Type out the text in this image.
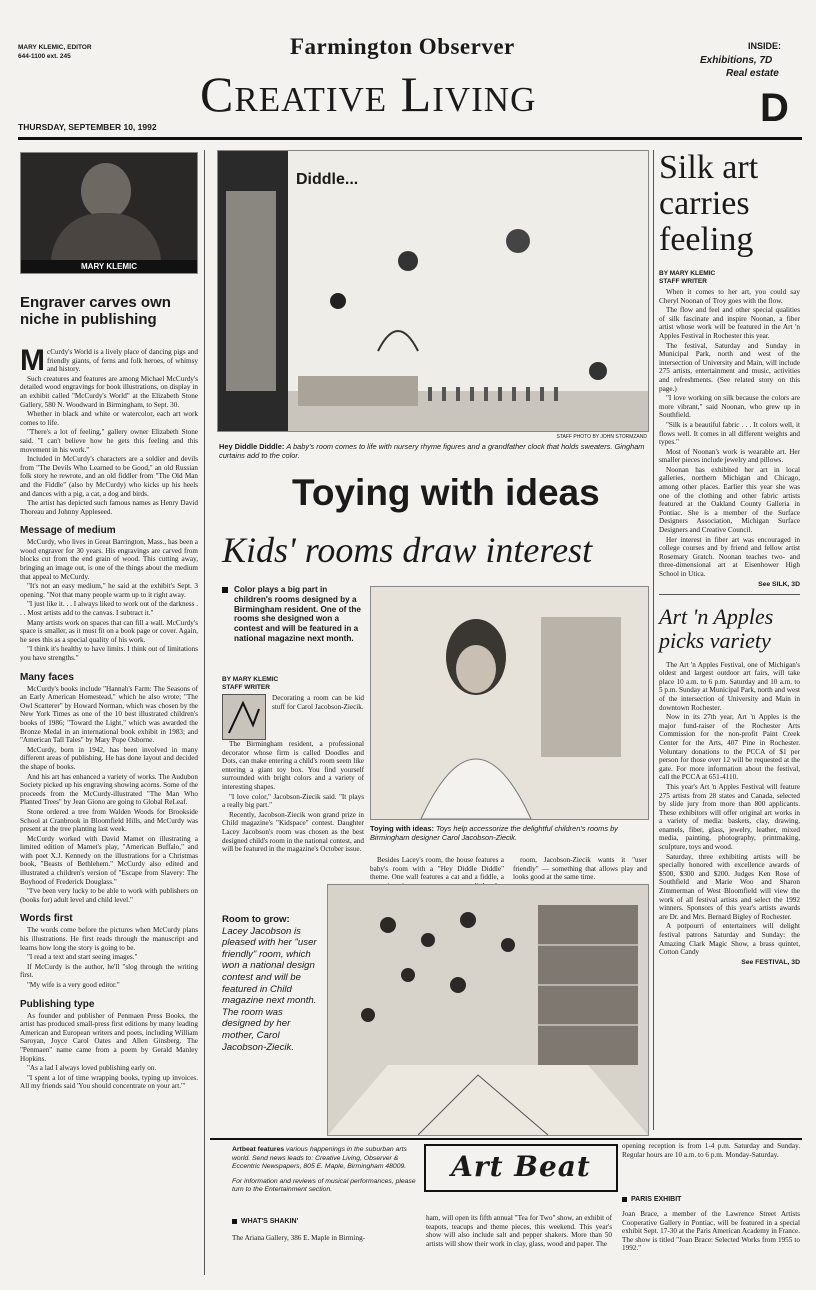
MARY KLEMIC, EDITOR
644-1100 ext. 245	Farmington Observer
Creative Living
THURSDAY, SEPTEMBER 10, 1992
INSIDE:
Exhibitions, 7D
Real estate
D
MARY KLEMIC
Engraver carves own niche in publishing
M cCurdy's World is a lively place of dancing pigs and friendly giants, of ferns and folk heroes, of whimsy and history.

Such creatures and features are among Michael McCurdy's detailed wood engravings for book illustrations, on display in an exhibit called "McCurdy's World" at the Elizabeth Stone Gallery, 580 N. Woodward in Birmingham, to Sept. 30.

Whether in black and white or watercolor, each art work comes to life.

"There's a lot of feeling," gallery owner Elizabeth Stone said. "I can't believe how he gets this feeling and this movement in his work."

Included in McCurdy's characters are a soldier and devils from "The Devils Who Learned to be Good," an old Russian folk story he rewrote, and an old fiddler from "The Old Man and the Fiddle" (also by McCurdy) who kicks up his heels and dances with a pig, a cat, a dog and birds.

The artist has depicted such famous names as Henry David Thoreau and Johnny Appleseed.

Message of medium

McCurdy, who lives in Great Barrington, Mass., has been a wood engraver for 30 years. His engravings are carved from blocks cut from the end grain of wood. This cutting away, bringing an image out, is one of the things about the medium that appeal to McCurdy.

"It's not an easy medium," he said at the exhibit's Sept. 3 opening. "Not that many people warm up to it right away.

"I just like it. . . I always liked to work out of the darkness . . . Most artists add to the canvas. I subtract it."

Many artists work on spaces that can fill a wall. McCurdy's space is smaller, as it must fit on a book page or cover. Again, he sees this as a special quality of his work.

"I think it's healthy to have limits. I think out of limitations you have strengths."

Many faces

McCurdy's books include "Hannah's Farm: The Seasons of an Early American Homestead," which he also wrote; "The Owl Scatterer" by Howard Norman, which was chosen by the New York Times as one of the 10 best illustrated children's books of 1986; "Toward the Light," which was awarded the Bronze Medal in an international book exhibit in 1983; and "American Tall Tales" by Mary Pope Osborne.

McCurdy, born in 1942, has been involved in many different areas of publishing. He has done layout and decided the shape of books.

And his art has enhanced a variety of works. The Audubon Society picked up his engraving showing acorns. Some of the proceeds from the McCurdy-illustrated "The Man Who Planted Trees" by Jean Giono are going to Global ReLeaf.

Stone ordered a tree from Walden Woods for Brookside School at Cranbrook in Bloomfield Hills, and McCurdy was present at the tree planting last week.

McCurdy worked with David Mamet on illustrating a limited edition of Mamet's play, "American Buffalo," and with poet X.J. Kennedy on the illustrations for a Christmas book, "Beasts of Bethlehem." McCurdy also edited and illustrated a children's version of "Escape from Slavery: The Boyhood of Frederick Douglass."

"I've been very lucky to be able to work with publishers on (books for) adult level and child level."

Words first

The words come before the pictures when McCurdy plans his illustrations. He first reads through the manuscript and learns how long the story is going to be.

"I read a text and start seeing images."

If McCurdy is the author, he'll "slog through the writing first.

"My wife is a very good editor."

Publishing type

As founder and publisher of Penmaen Press Books, the artist has produced small-press first editions by many leading American and European writers and poets, including William Saroyan, Joyce Carol Oates and Allen Ginsberg. The "Penmaen" name came from a poem by Gerald Manley Hopkins.

"As a lad I always loved publishing early on.

"I spent a lot of time wrapping books, typing up invoices. All my friends said 'You should concentrate on your art.'"

Diddle...
STAFF PHOTO BY JOHN STORMZAND
Hey Diddle Diddle: A baby's room comes to life with nursery rhyme figures and a grandfather clock that holds sweaters. Gingham curtains add to the color.
Toying with ideas
Kids' rooms draw interest
Color plays a big part in children's rooms designed by a Birmingham resident. One of the rooms she designed won a contest and will be featured in a national magazine next month.
BY MARY KLEMIC
STAFF WRITER

Decorating a room can be kid stuff for Carol Jacobson-Ziecik.

The Birmingham resident, a professional decorator whose firm is called Doodles and Dots, can make entering a child's room seem like entering a giant toy box. You find yourself surrounded with bright colors and a variety of interesting shapes.

"I love color," Jacobson-Ziecik said. "It plays a really big part."

Recently, Jacobson-Ziecik won grand prize in Child magazine's "Kidspace" contest. Daughter Lacey Jacobson's room was chosen as the best designed child's room in the national contest, and will be featured in the magazine's October issue.

Toying with ideas: Toys help accessorize the delightful children's rooms by Birmingham designer Carol Jacobson-Ziecik.

Besides Lacey's room, the house features a baby's room with a "Hey Diddle Diddle" theme. One wall features a cat and a fiddle, a

room, Jacobson-Ziecik wants it "user friendly" — something that allows play and looks good at the same time.

Room to grow:
Lacey Jacobson is pleased with her "user friendly" room, which won a national design contest and will be featured in Child magazine next month. The room was designed by her mother, Carol Jacobson-Ziecik.
Silk art carries feeling
BY MARY KLEMIC
STAFF WRITER

When it comes to her art, you could say Cheryl Noonan of Troy goes with the flow.

The flow and feel and other special qualities of silk fascinate and inspire Noonan, a fiber artist whose work will be featured in the Art 'n Apples Festival in Rochester this year.

The festival, Saturday and Sunday in Municipal Park, north and west of the intersection of University and Main, will include 275 artists, entertainment and music, activities and refreshments. (See related story on this page.)

"I love working on silk because the colors are more vibrant," said Noonan, who grew up in Southfield.

"Silk is a beautiful fabric . . . It colors well, it flows well. It comes in all different weights and types."

Most of Noonan's work is wearable art. Her smaller pieces include jewelry and pillows.

Noonan has exhibited her art in local galleries, northern Michigan and Chicago, among other places. Earlier this year she was one of the clothing and other fabric artists featured at the Oakland County Galleria in Pontiac. She is a member of the Surface Designers Association, Michigan Surface Designers and Creative Council.

Her interest in fiber art was encouraged in college courses and by friend and fellow artist Rosemary Gratch. Noonan teaches two- and three-dimensional art at Eisenhower High School in Utica.

See SILK, 3D
Art 'n Apples picks variety

The Art 'n Apples Festival, one of Michigan's oldest and largest outdoor art fairs, will take place 10 a.m. to 6 p.m. Saturday and 10 a.m. to 5 p.m. Sunday at Municipal Park, north and west of the intersection of University and Main in downtown Rochester.

Now in its 27th year, Art 'n Apples is the major fund-raiser of the Rochester Arts Commission for the non-profit Paint Creek Center for the Arts, 407 Pine in Rochester. Voluntary donations to the PCCA of $1 per person for those over 12 will be requested at the gate. For more information about the festival, call the PCCA at 651-4110.

This year's Art 'n Apples Festival will feature 275 artists from 28 states and Canada, selected by slide jury from more than 800 applicants. These exhibitors will offer original art works in a variety of media: baskets, clay, drawing, enamels, fiber, glass, jewelry, leather, mixed media, painting, photography, printmaking, sculpture, toys and wood.

Saturday, three exhibiting artists will be specially honored with excellence awards of $500, $300 and $200. Judges Ken Rose of Southfield and Marie Woo and Sharon Zimmerman of West Bloomfield will view the work of all festival artists and select the 1992 winners. Sponsors of this year's artists awards are Dr. and Mrs. Bernard Bigley of Rochester.

A potpourri of entertainers will delight festival patrons Saturday and Sunday: the Amazing Clark Magic Show, a brass quintet, Cotton Candy

See FESTIVAL, 3D
Artbeat features various happenings in the suburban arts world. Send news leads to: Creative Living, Observer & Eccentric Newspapers, 805 E. Maple, Birmingham 48009.
For information and reviews of musical performances, please turn to the Entertainment section.
Art Beat
WHAT'S SHAKIN'
The Ariana Gallery, 386 E. Maple in Birming-
ham, will open its fifth annual "Tea for Two" show, an exhibit of teapots, teacups and theme pieces, this weekend. This year's show will also include salt and pepper shakers. More than 50 artists will show their work in clay, glass, wood and paper. The
opening reception is from 1-4 p.m. Saturday and Sunday. Regular hours are 10 a.m. to 6 p.m. Monday-Saturday.
PARIS EXHIBIT
Joan Brace, a member of the Lawrence Street Artists Cooperative Gallery in Pontiac, will be featured in a special exhibit Sept. 17-30 at the Paris American Academy in France. The show is titled "Joan Brace: Selected Works from 1955 to 1992."
